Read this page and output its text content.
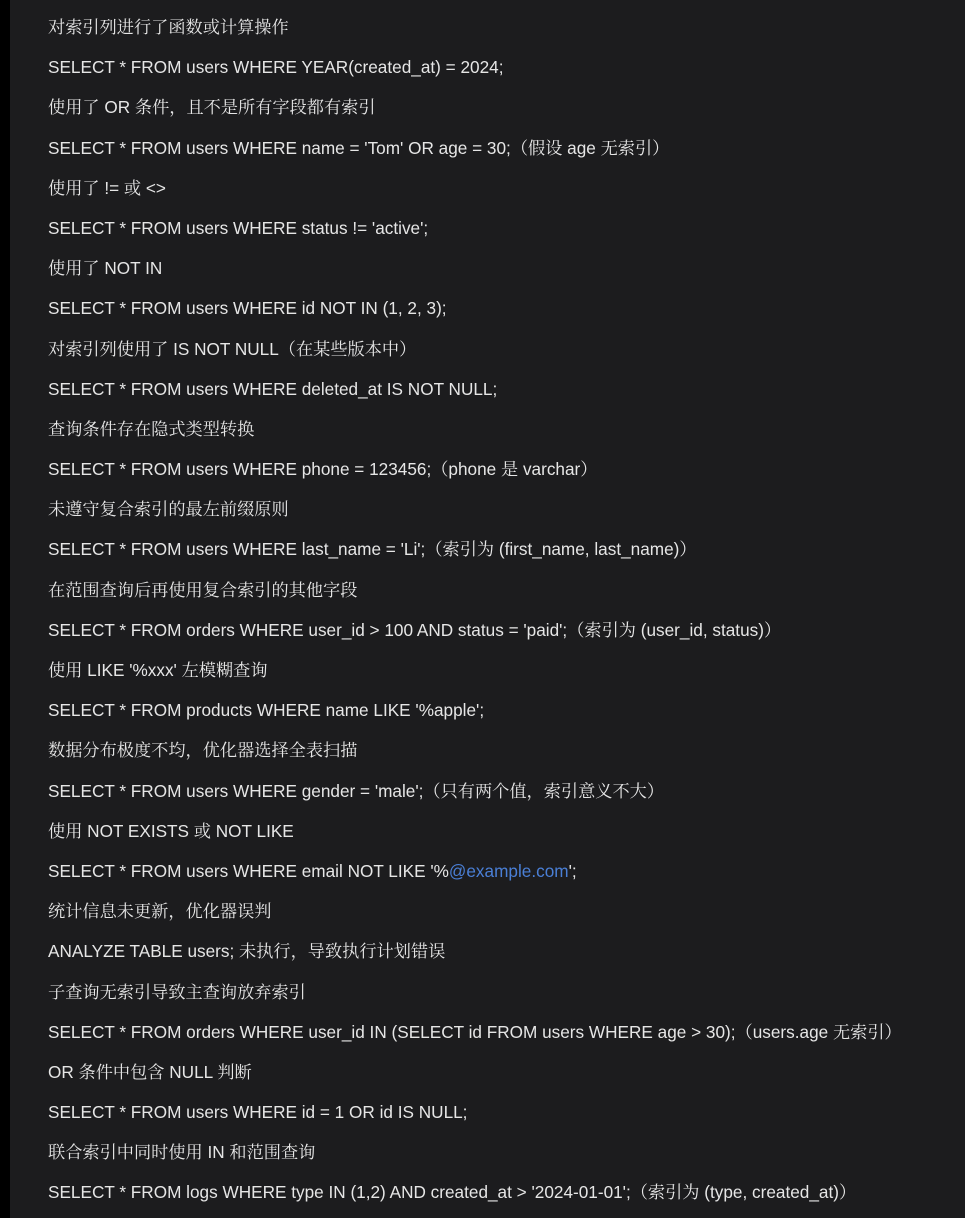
对索引列进行了函数或计算操作
SELECT * FROM users WHERE YEAR(created_at) = 2024;
使用了 OR 条件，且不是所有字段都有索引
SELECT * FROM users WHERE name = 'Tom' OR age = 30;（假设 age 无索引）
使用了 != 或 <>
SELECT * FROM users WHERE status != 'active';
使用了 NOT IN
SELECT * FROM users WHERE id NOT IN (1, 2, 3);
对索引列使用了 IS NOT NULL（在某些版本中）
SELECT * FROM users WHERE deleted_at IS NOT NULL;
查询条件存在隐式类型转换
SELECT * FROM users WHERE phone = 123456;（phone 是 varchar）
未遵守复合索引的最左前缀原则
SELECT * FROM users WHERE last_name = 'Li';（索引为 (first_name, last_name)）
在范围查询后再使用复合索引的其他字段
SELECT * FROM orders WHERE user_id > 100 AND status = 'paid';（索引为 (user_id, status)）
使用 LIKE '%xxx' 左模糊查询
SELECT * FROM products WHERE name LIKE '%apple';
数据分布极度不均，优化器选择全表扫描
SELECT * FROM users WHERE gender = 'male';（只有两个值，索引意义不大）
使用 NOT EXISTS 或 NOT LIKE
SELECT * FROM users WHERE email NOT LIKE '%@example.com';
统计信息未更新，优化器误判
ANALYZE TABLE users; 未执行，导致执行计划错误
子查询无索引导致主查询放弃索引
SELECT * FROM orders WHERE user_id IN (SELECT id FROM users WHERE age > 30);（users.age 无索引）
OR 条件中包含 NULL 判断
SELECT * FROM users WHERE id = 1 OR id IS NULL;
联合索引中同时使用 IN 和范围查询
SELECT * FROM logs WHERE type IN (1,2) AND created_at > '2024-01-01';（索引为 (type, created_at)）
